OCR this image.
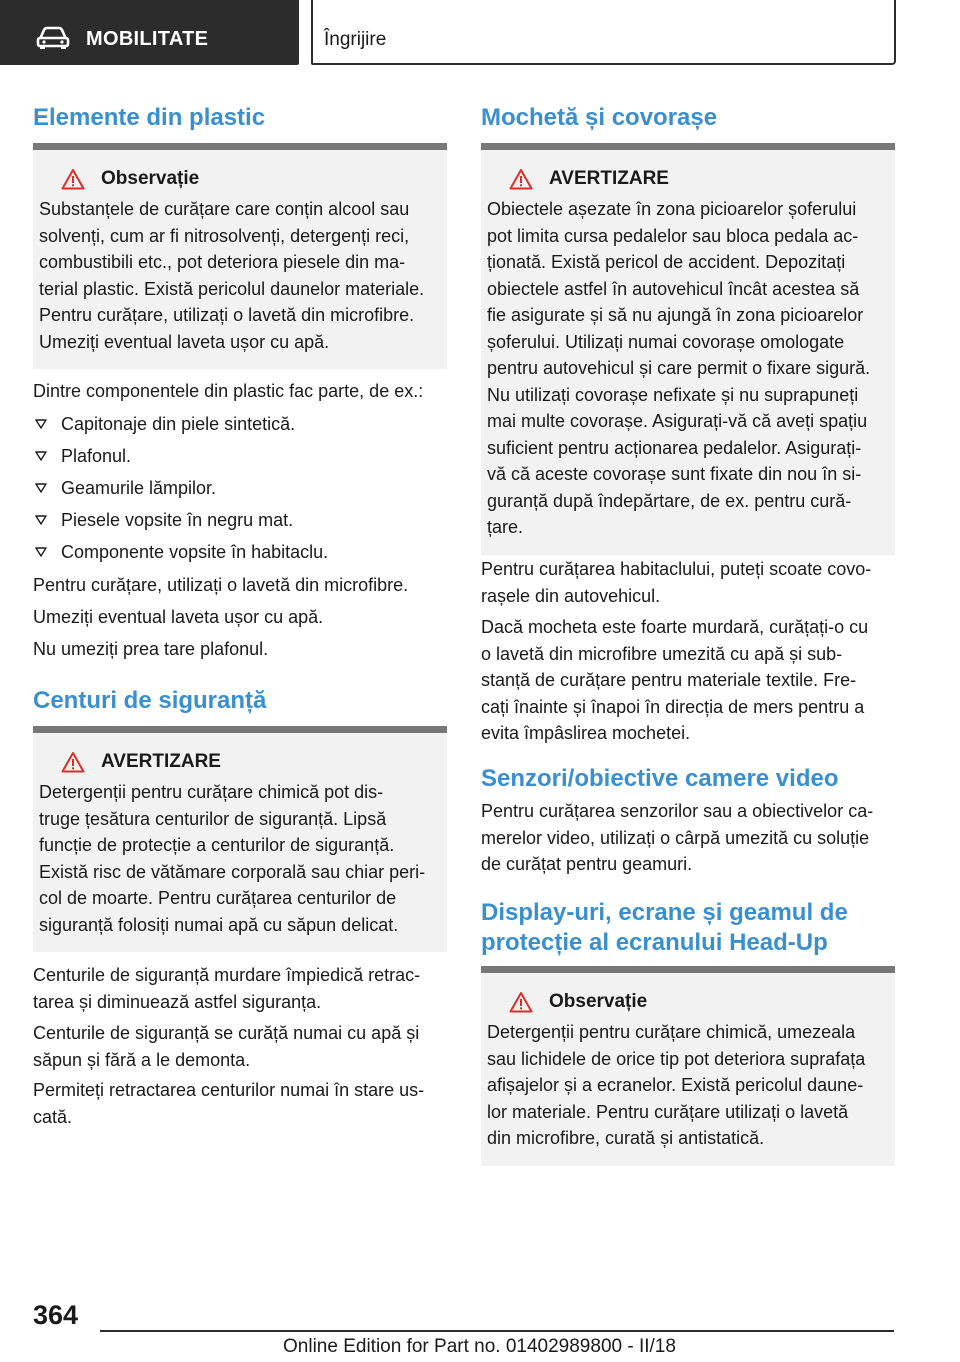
MOBILITATE	Îngrijire
Elemente din plastic
Observație
Substanțele de curățare care conțin alcool sau
solvenți, cum ar fi nitrosolvenți, detergenți reci,
combustibili etc., pot deteriora piesele din ma‐
terial plastic. Există pericolul daunelor materiale.
Pentru curățare, utilizați o lavetă din microfibre.
Umeziți eventual laveta ușor cu apă.
Dintre componentele din plastic fac parte, de ex.:
Capitonaje din piele sintetică.
Plafonul.
Geamurile lămpilor.
Piesele vopsite în negru mat.
Componente vopsite în habitaclu.
Pentru curățare, utilizați o lavetă din microfibre.
Umeziți eventual laveta ușor cu apă.
Nu umeziți prea tare plafonul.
Centuri de siguranță
AVERTIZARE
Detergenții pentru curățare chimică pot dis‐
truge țesătura centurilor de siguranță. Lipsă
funcție de protecție a centurilor de siguranță.
Există risc de vătămare corporală sau chiar peri‐
col de moarte. Pentru curățarea centurilor de
siguranță folosiți numai apă cu săpun delicat.
Centurile de siguranță murdare împiedică retrac‐
tarea și diminuează astfel siguranța.
Centurile de siguranță se curăță numai cu apă și
săpun și fără a le demonta.
Permiteți retractarea centurilor numai în stare us‐
cată.
Mochetă și covorașe
AVERTIZARE
Obiectele așezate în zona picioarelor șoferului
pot limita cursa pedalelor sau bloca pedala ac‐
ționată. Există pericol de accident. Depozitați
obiectele astfel în autovehicul încât acestea să
fie asigurate și să nu ajungă în zona picioarelor
șoferului. Utilizați numai covorașe omologate
pentru autovehicul și care permit o fixare sigură.
Nu utilizați covorașe nefixate și nu suprapuneți
mai multe covorașe. Asigurați-vă că aveți spațiu
suficient pentru acționarea pedalelor. Asigurați-
vă că aceste covorașe sunt fixate din nou în si‐
guranță după îndepărtare, de ex. pentru cură‐
țare.
Pentru curățarea habitaclului, puteți scoate covo‐
rașele din autovehicul.
Dacă mocheta este foarte murdară, curățați-o cu
o lavetă din microfibre umezită cu apă și sub‐
stanță de curățare pentru materiale textile. Fre‐
cați înainte și înapoi în direcția de mers pentru a
evita împâslirea mochetei.
Senzori/obiective camere video
Pentru curățarea senzorilor sau a obiectivelor ca‐
merelor video, utilizați o cârpă umezită cu soluție
de curățat pentru geamuri.
Display-uri, ecrane și geamul de
protecție al ecranului Head-Up
Observație
Detergenții pentru curățare chimică, umezeala
sau lichidele de orice tip pot deteriora suprafața
afișajelor și a ecranelor. Există pericolul daune‐
lor materiale. Pentru curățare utilizați o lavetă
din microfibre, curată și antistatică.
364
Online Edition for Part no. 01402989800 - II/18
